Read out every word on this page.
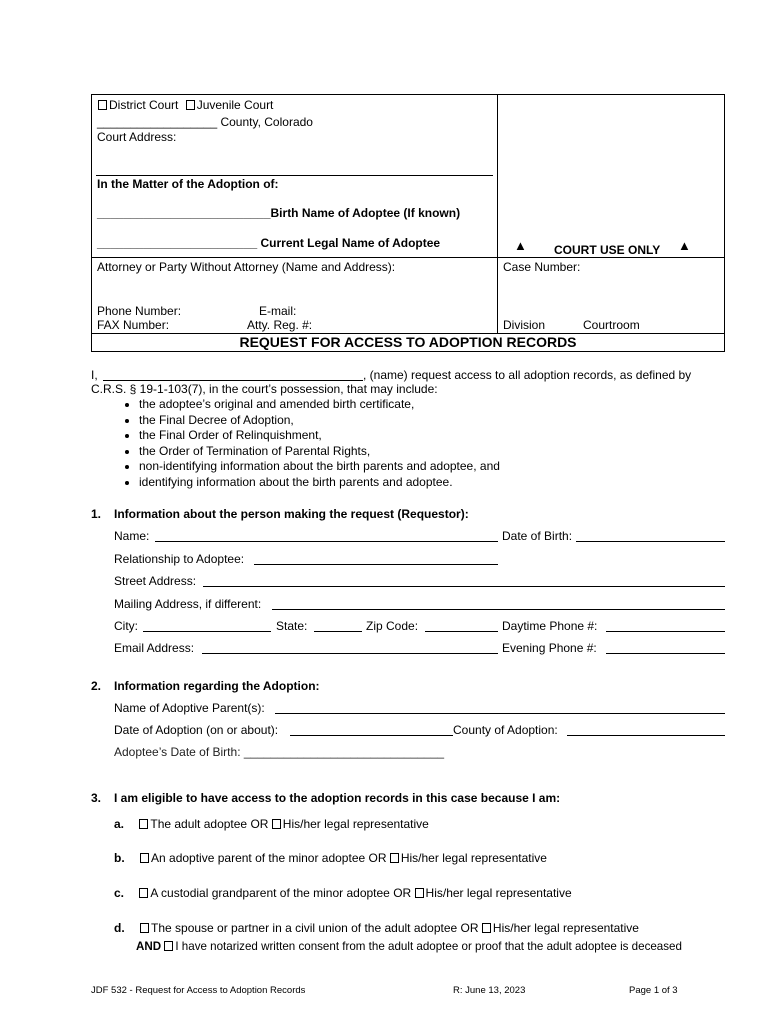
District Court Juvenile Court
__________________ County, Colorado
Court Address:
In the Matter of the Adoption of:
__________________________Birth Name of Adoptee (If known)
________________________ Current Legal Name of Adoptee	▲ COURT USE ONLY ▲
Attorney or Party Without Attorney (Name and Address):	Case Number:
Phone Number:	E-mail:
FAX Number:	Atty. Reg. #:	Division	Courtroom
REQUEST FOR ACCESS TO ADOPTION RECORDS
I,	, (name) request access to all adoption records, as defined by
C.R.S. § 19-1-103(7), in the court’s possession, that may include:
• the adoptee’s original and amended birth certificate,
• the Final Decree of Adoption,
• the Final Order of Relinquishment,
• the Order of Termination of Parental Rights,
• non-identifying information about the birth parents and adoptee, and
• identifying information about the birth parents and adoptee.
1. Information about the person making the request (Requestor):
Name:	Date of Birth:
Relationship to Adoptee:
Street Address:
Mailing Address, if different:
City:	State:	Zip Code:	Daytime Phone #:
Email Address:	Evening Phone #:
2. Information regarding the Adoption:
Name of Adoptive Parent(s):
Date of Adoption (on or about):	County of Adoption:
Adoptee’s Date of Birth: ______________________________
3. I am eligible to have access to the adoption records in this case because I am:
a. The adult adoptee OR His/her legal representative
b. An adoptive parent of the minor adoptee OR His/her legal representative
c. A custodial grandparent of the minor adoptee OR His/her legal representative
d. The spouse or partner in a civil union of the adult adoptee OR His/her legal representative
AND I have notarized written consent from the adult adoptee or proof that the adult adoptee is deceased
JDF 532 - Request for Access to Adoption Records	R: June 13, 2023	Page 1 of 3
